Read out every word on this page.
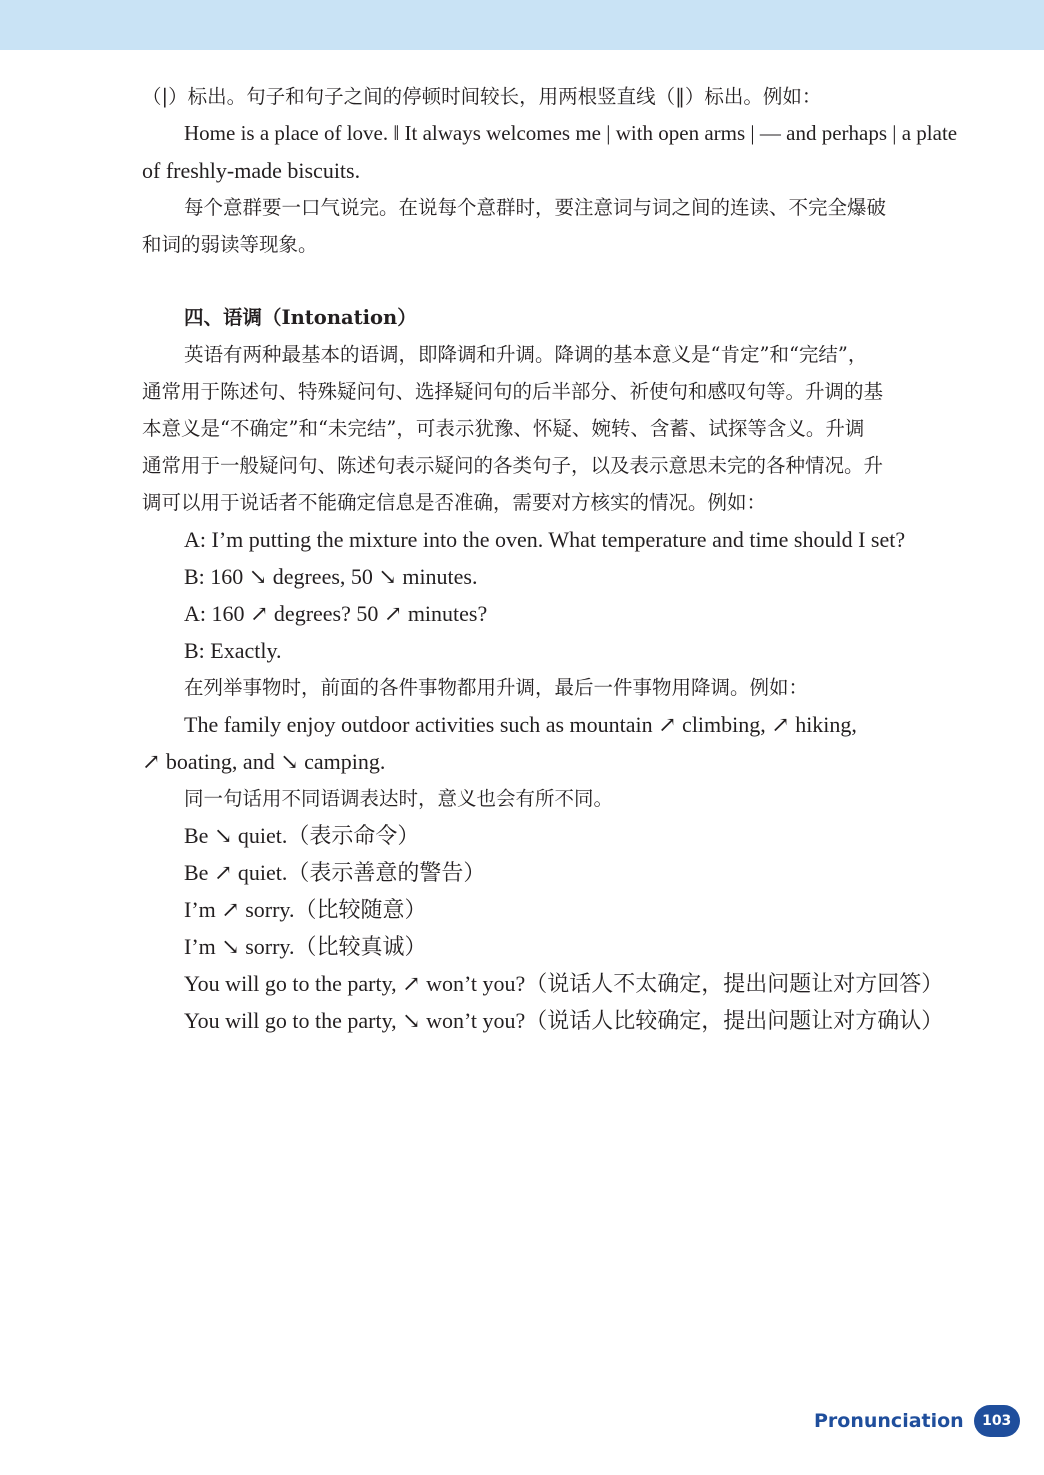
（|）标出。句子和句子之间的停顿时间较长，用两根竖直线（‖）标出。例如：

Home is a place of love. ‖ It always welcomes me | with open arms | — and perhaps | a plate

of freshly-made biscuits.

每个意群要一口气说完。在说每个意群时，要注意词与词之间的连读、不完全爆破

和词的弱读等现象。

四、语调（Intonation）

英语有两种最基本的语调，即降调和升调。降调的基本意义是“肯定”和“完结”，

通常用于陈述句、特殊疑问句、选择疑问句的后半部分、祈使句和感叹句等。升调的基

本意义是“不确定”和“未完结”，可表示犹豫、怀疑、婉转、含蓄、试探等含义。升调

通常用于一般疑问句、陈述句表示疑问的各类句子，以及表示意思未完的各种情况。升

调可以用于说话者不能确定信息是否准确，需要对方核实的情况。例如：

A: I’m putting the mixture into the oven. What temperature and time should I set?

B: 160 ↘ degrees, 50 ↘ minutes.

A: 160 ↗ degrees? 50 ↗ minutes?

B: Exactly.

在列举事物时，前面的各件事物都用升调，最后一件事物用降调。例如：

The family enjoy outdoor activities such as mountain ↗ climbing, ↗ hiking,

↗ boating, and ↘ camping.

同一句话用不同语调表达时，意义也会有所不同。

Be ↘ quiet.（表示命令）

Be ↗ quiet.（表示善意的警告）

I’m ↗ sorry.（比较随意）

I’m ↘ sorry.（比较真诚）

You will go to the party, ↗ won’t you?（说话人不太确定，提出问题让对方回答）

You will go to the party, ↘ won’t you?（说话人比较确定，提出问题让对方确认）

Pronunciation	103
